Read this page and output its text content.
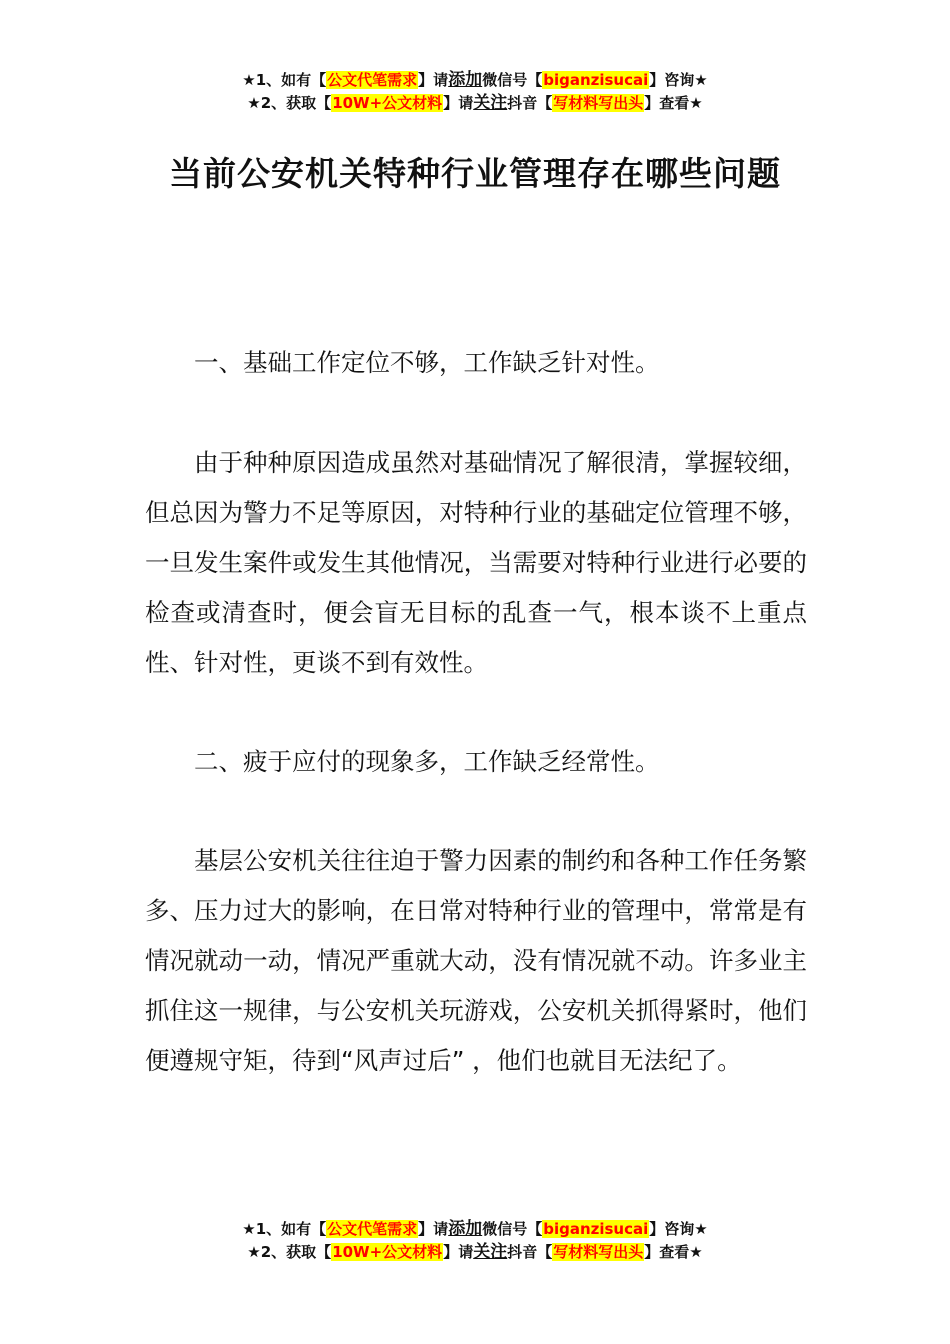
★1、如有【公文代笔需求】请添加微信号【biganzisucai】咨询★
★2、获取【10W+公文材料】请关注抖音【写材料写出头】查看★
当前公安机关特种行业管理存在哪些问题

一、基础工作定位不够，工作缺乏针对性。

由于种种原因造成虽然对基础情况了解很清，掌握较细，但总因为警力不足等原因，对特种行业的基础定位管理不够，一旦发生案件或发生其他情况，当需要对特种行业进行必要的检查或清查时，便会盲无目标的乱查一气，根本谈不上重点性、针对性，更谈不到有效性。

二、疲于应付的现象多，工作缺乏经常性。

基层公安机关往往迫于警力因素的制约和各种工作任务繁多、压力过大的影响，在日常对特种行业的管理中，常常是有情况就动一动，情况严重就大动，没有情况就不动。许多业主抓住这一规律，与公安机关玩游戏，公安机关抓得紧时，他们便遵规守矩，待到“风声过后” ，他们也就目无法纪了。

★1、如有【公文代笔需求】请添加微信号【biganzisucai】咨询★
★2、获取【10W+公文材料】请关注抖音【写材料写出头】查看★
